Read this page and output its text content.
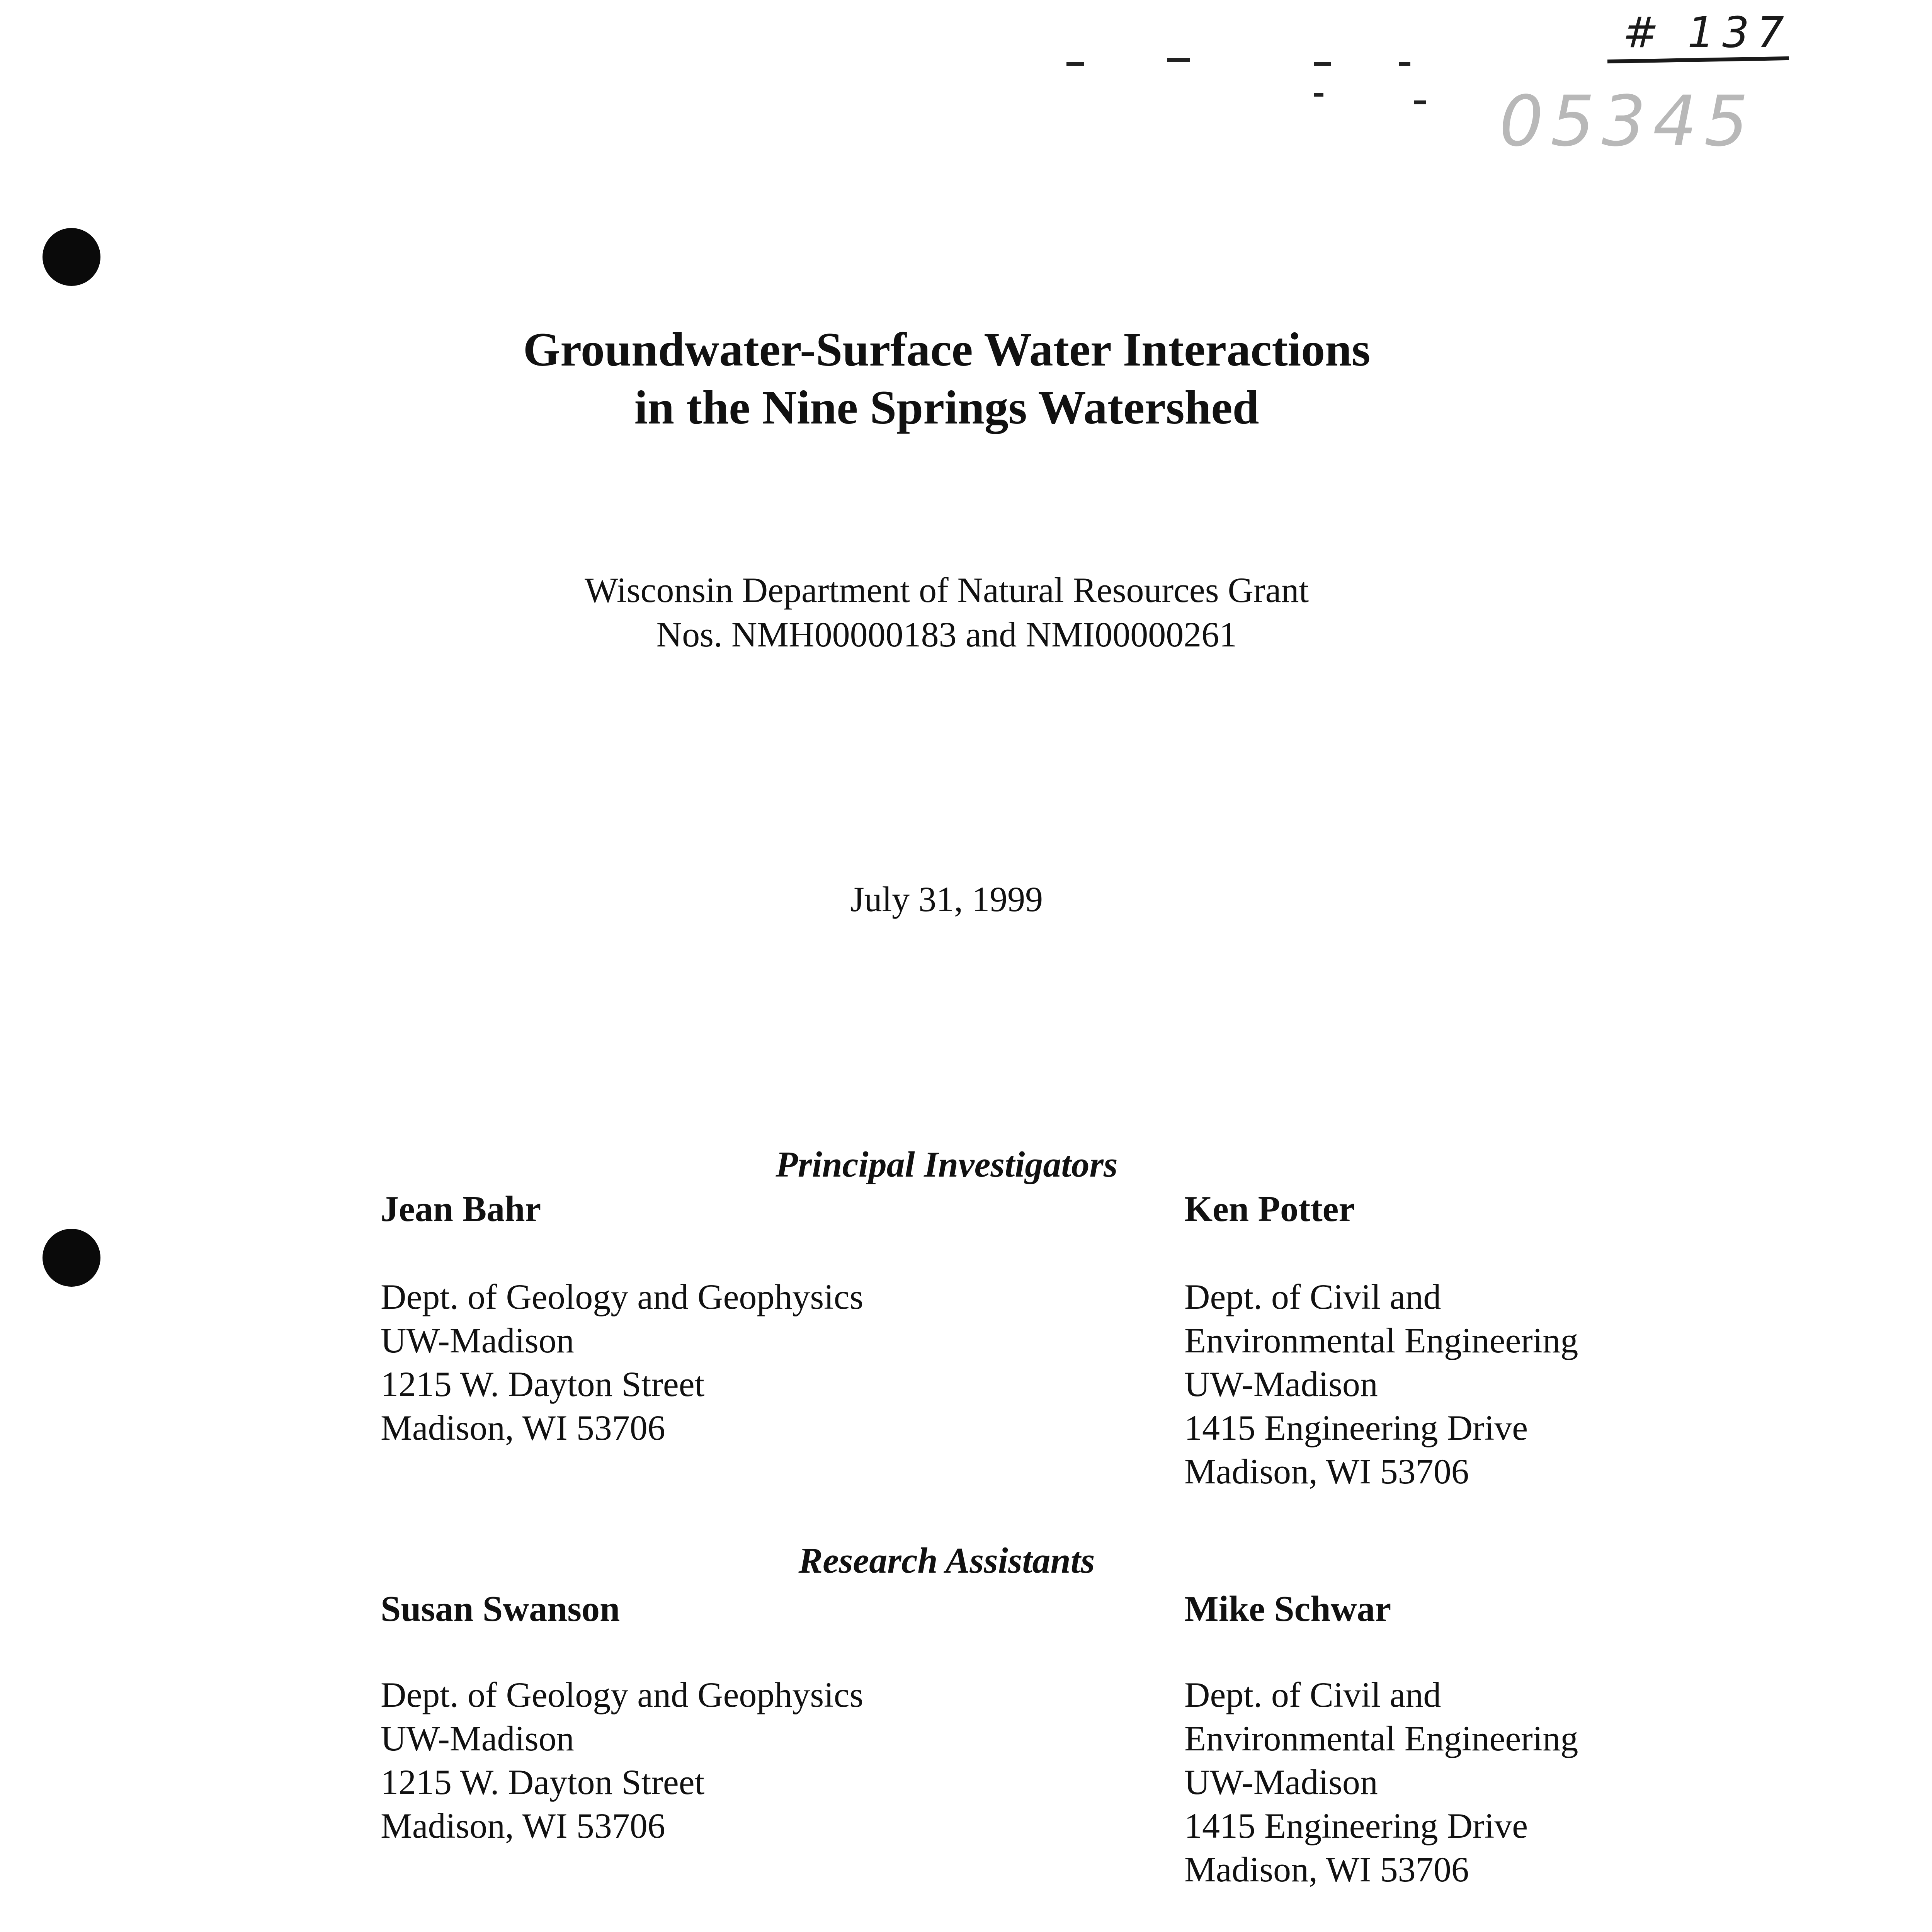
# 137
05345
Groundwater-Surface Water Interactions
in the Nine Springs Watershed
Wisconsin Department of Natural Resources Grant
Nos. NMH00000183 and NMI00000261
July 31, 1999
Principal Investigators
Jean Bahr
Dept. of Geology and Geophysics
UW-Madison
1215 W. Dayton Street
Madison, WI 53706
Ken Potter
Dept. of Civil and
Environmental Engineering
UW-Madison
1415 Engineering Drive
Madison, WI 53706
Research Assistants
Susan Swanson
Dept. of Geology and Geophysics
UW-Madison
1215 W. Dayton Street
Madison, WI 53706
Mike Schwar
Dept. of Civil and
Environmental Engineering
UW-Madison
1415 Engineering Drive
Madison, WI 53706
